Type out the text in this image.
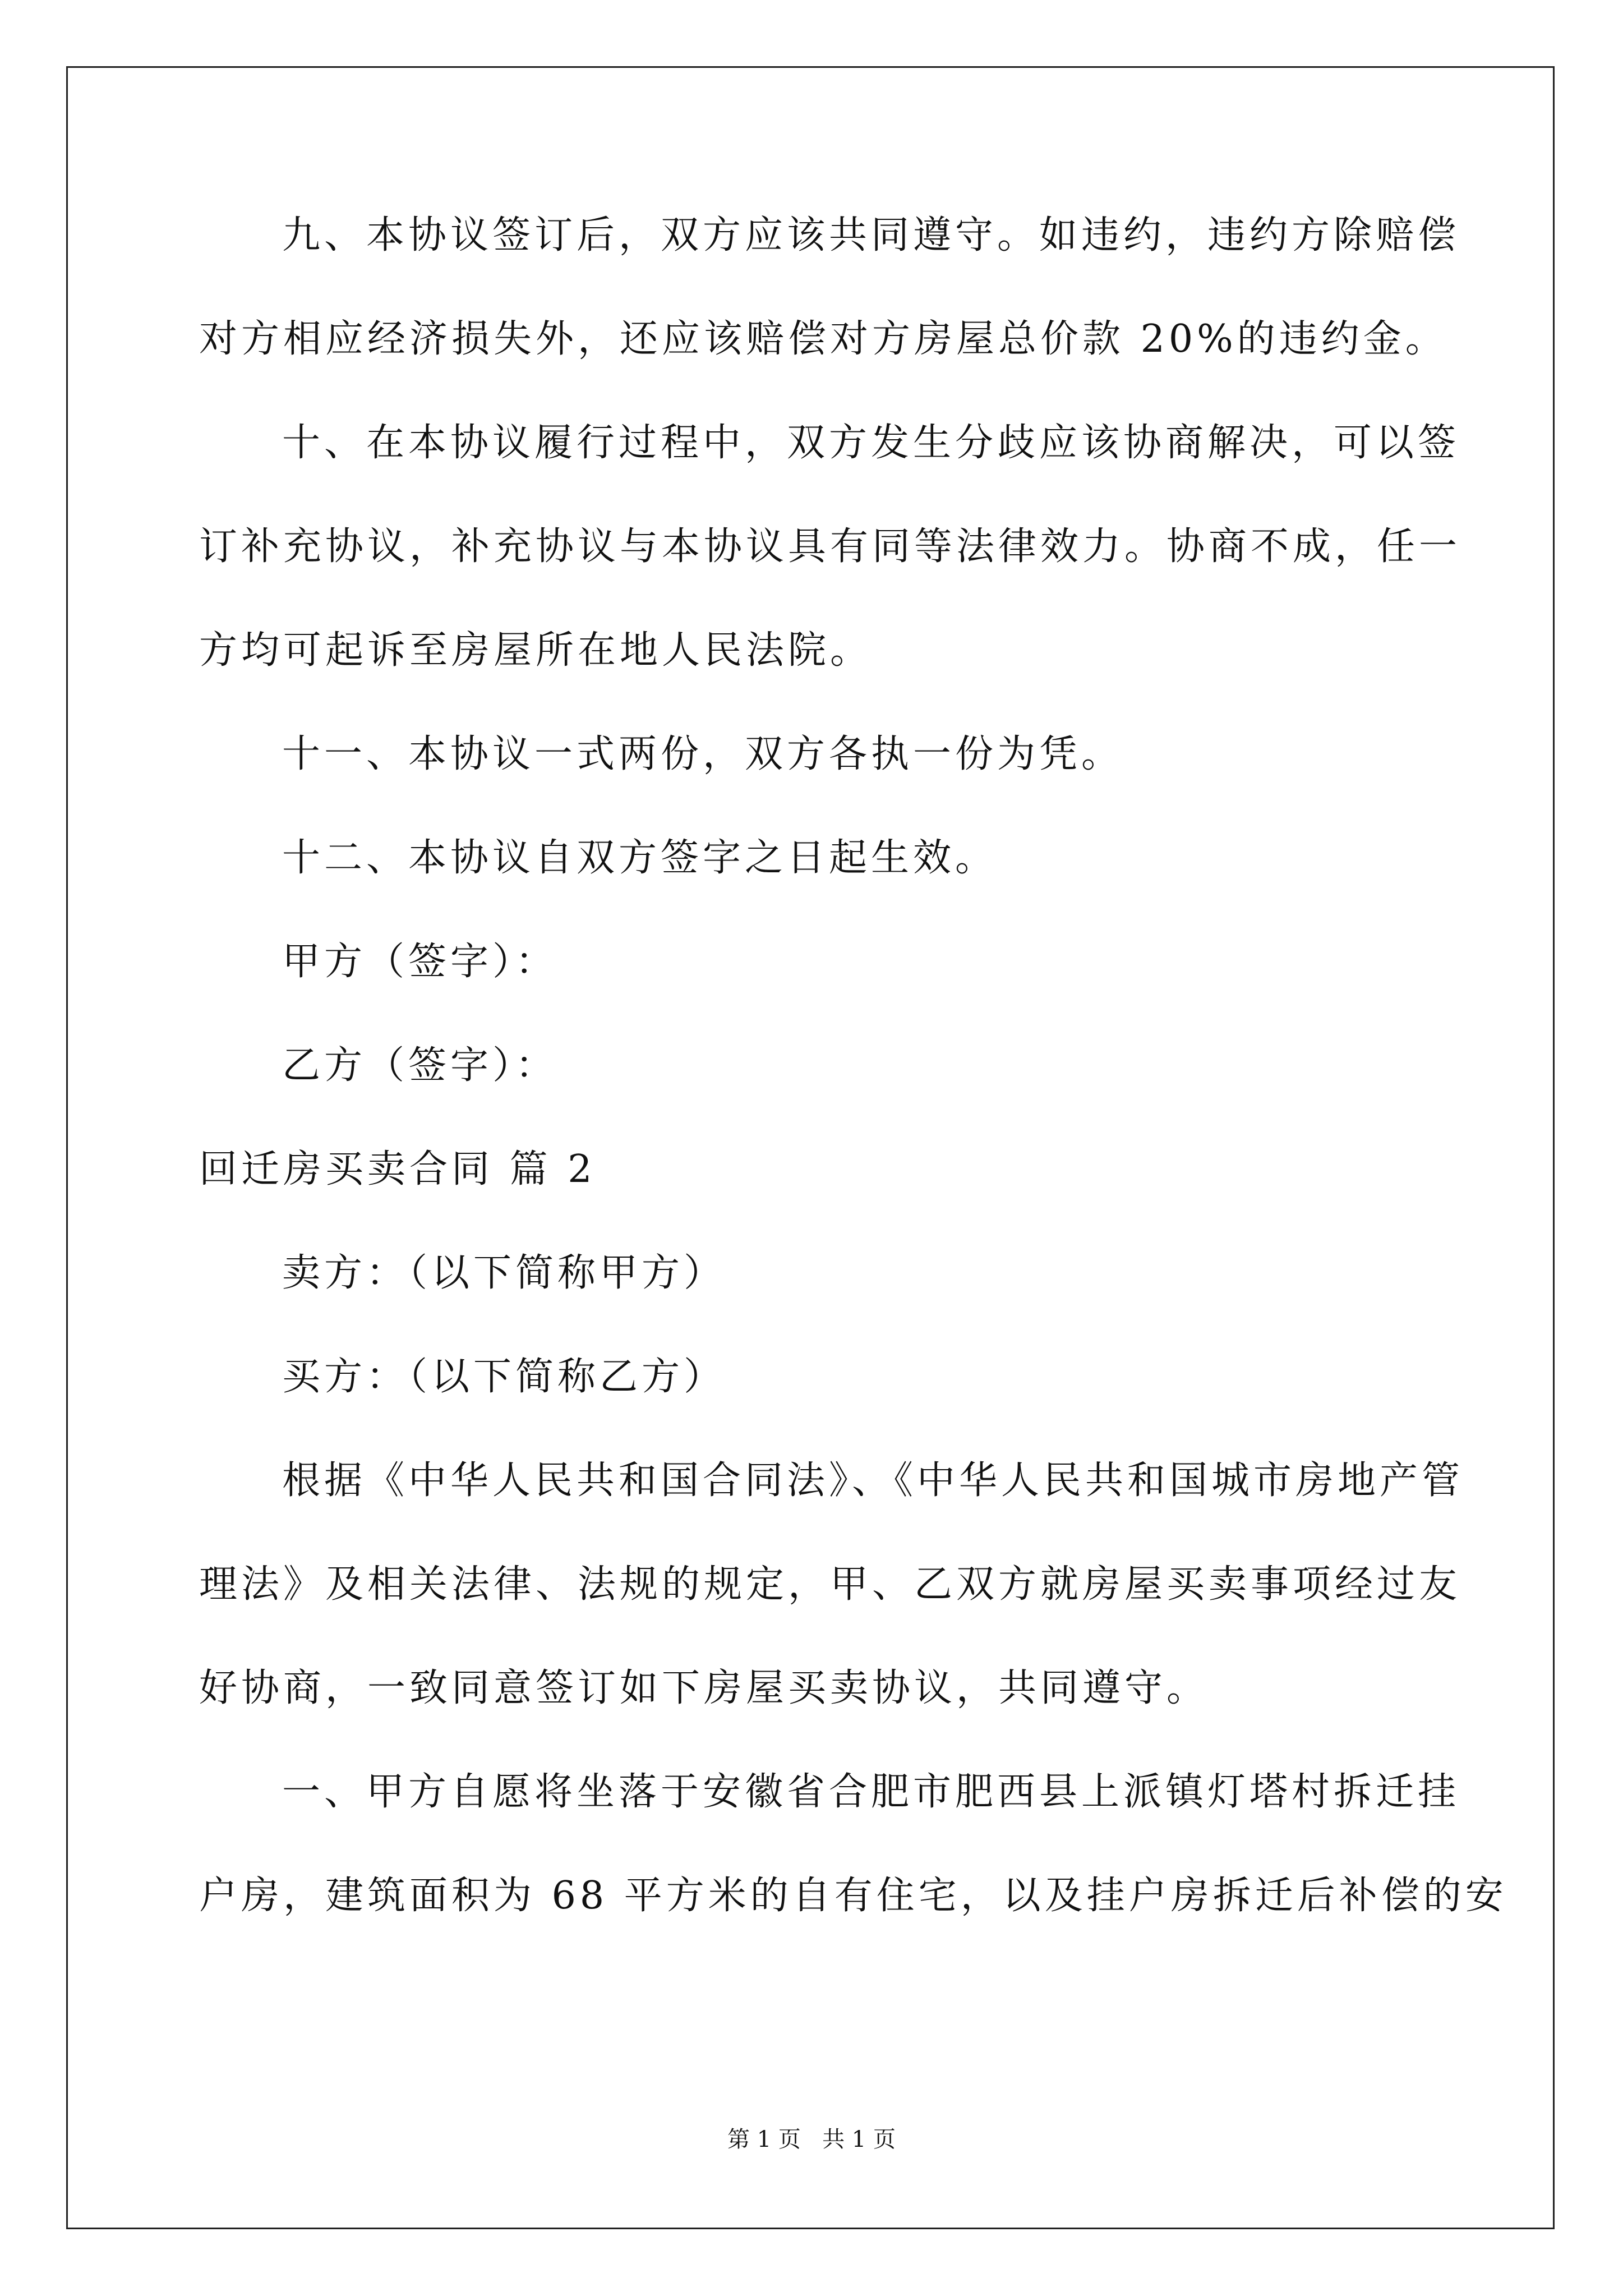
九、本协议签订后，双方应该共同遵守。如违约，违约方除赔偿
对方相应经济损失外，还应该赔偿对方房屋总价款 20%的违约金。
十、在本协议履行过程中，双方发生分歧应该协商解决，可以签
订补充协议，补充协议与本协议具有同等法律效力。协商不成，任一
方均可起诉至房屋所在地人民法院。
十一、本协议一式两份，双方各执一份为凭。
十二、本协议自双方签字之日起生效。
甲方（签字）：
乙方（签字）：
回迁房买卖合同 篇 2
卖方：（以下简称甲方）
买方：（以下简称乙方）
根据《中华人民共和国合同法》、《中华人民共和国城市房地产管
理法》及相关法律、法规的规定，甲、乙双方就房屋买卖事项经过友
好协商，一致同意签订如下房屋买卖协议，共同遵守。
一、甲方自愿将坐落于安徽省合肥市肥西县上派镇灯塔村拆迁挂
户房，建筑面积为 68 平方米的自有住宅，以及挂户房拆迁后补偿的安
第 1 页   共 1 页
